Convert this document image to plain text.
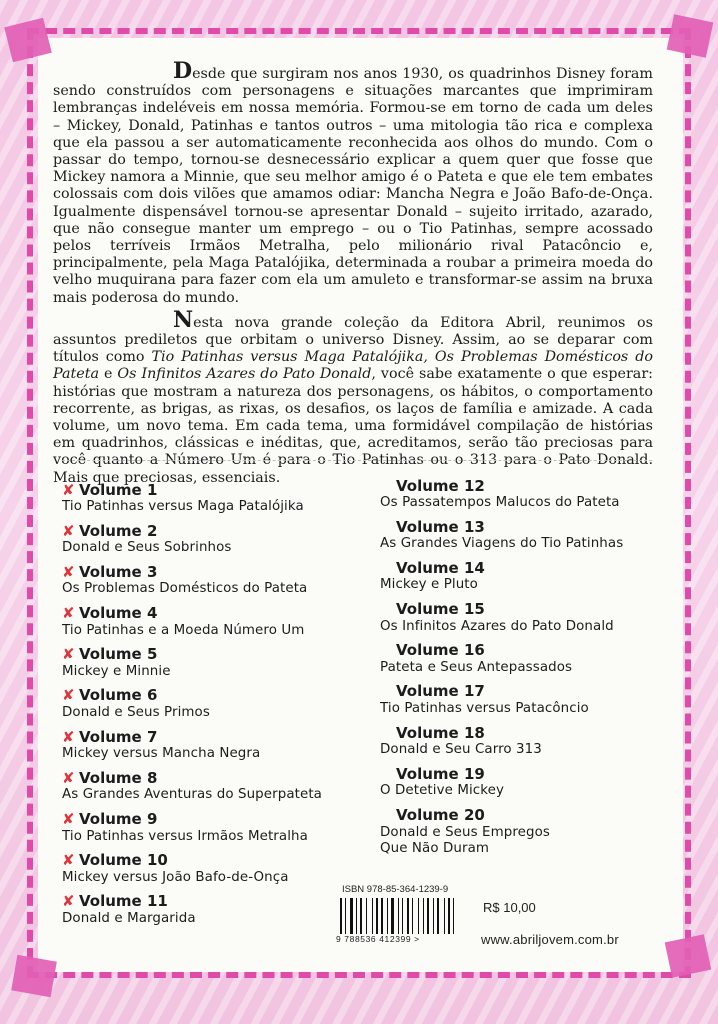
Desde que surgiram nos anos 1930, os quadrinhos Disney foram sendo construídos com personagens e situações marcantes que imprimiram lembranças indeléveis em nossa memória. Formou-se em torno de cada um deles – Mickey, Donald, Patinhas e tantos outros – uma mitologia tão rica e complexa que ela passou a ser automaticamente reconhecida aos olhos do mundo. Com o passar do tempo, tornou-se desnecessário explicar a quem quer que fosse que Mickey namora a Minnie, que seu melhor amigo é o Pateta e que ele tem embates colossais com dois vilões que amamos odiar: Mancha Negra e João Bafo-de-Onça. Igualmente dispensável tornou-se apresentar Donald – sujeito irritado, azarado, que não consegue manter um emprego – ou o Tio Patinhas, sempre acossado pelos terríveis Irmãos Metralha, pelo milionário rival Patacôncio e, principalmente, pela Maga Patalójika, determinada a roubar a primeira moeda do velho muquirana para fazer com ela um amuleto e transformar-se assim na bruxa mais poderosa do mundo.

Nesta nova grande coleção da Editora Abril, reunimos os assuntos prediletos que orbitam o universo Disney. Assim, ao se deparar com títulos como Tio Patinhas versus Maga Patalójika, Os Problemas Domésticos do Pateta e Os Infinitos Azares do Pato Donald, você sabe exatamente o que esperar: histórias que mostram a natureza dos personagens, os hábitos, o comportamento recorrente, as brigas, as rixas, os desafios, os laços de família e amizade. A cada volume, um novo tema. Em cada tema, uma formidável compilação de histórias em quadrinhos, clássicas e inéditas, que, acreditamos, serão tão preciosas para você quanto a Número Um é para o Tio Patinhas ou o 313 para o Pato Donald. Mais que preciosas, essenciais.

✘ Volume 1
Tio Patinhas versus Maga Patalójika
✘ Volume 2
Donald e Seus Sobrinhos
✘ Volume 3
Os Problemas Domésticos do Pateta
✘ Volume 4
Tio Patinhas e a Moeda Número Um
✘ Volume 5
Mickey e Minnie
✘ Volume 6
Donald e Seus Primos
✘ Volume 7
Mickey versus Mancha Negra
✘ Volume 8
As Grandes Aventuras do Superpateta
✘ Volume 9
Tio Patinhas versus Irmãos Metralha
✘ Volume 10
Mickey versus João Bafo-de-Onça
✘ Volume 11
Donald e Margarida
Volume 12
Os Passatempos Malucos do Pateta
Volume 13
As Grandes Viagens do Tio Patinhas
Volume 14
Mickey e Pluto
Volume 15
Os Infinitos Azares do Pato Donald
Volume 16
Pateta e Seus Antepassados
Volume 17
Tio Patinhas versus Patacôncio
Volume 18
Donald e Seu Carro 313
Volume 19
O Detetive Mickey
Volume 20
Donald e Seus Empregos
Que Não Duram
ISBN 978-85-364-1239-9
9 788536 412399 >
R$ 10,00
www.abriljovem.com.br
